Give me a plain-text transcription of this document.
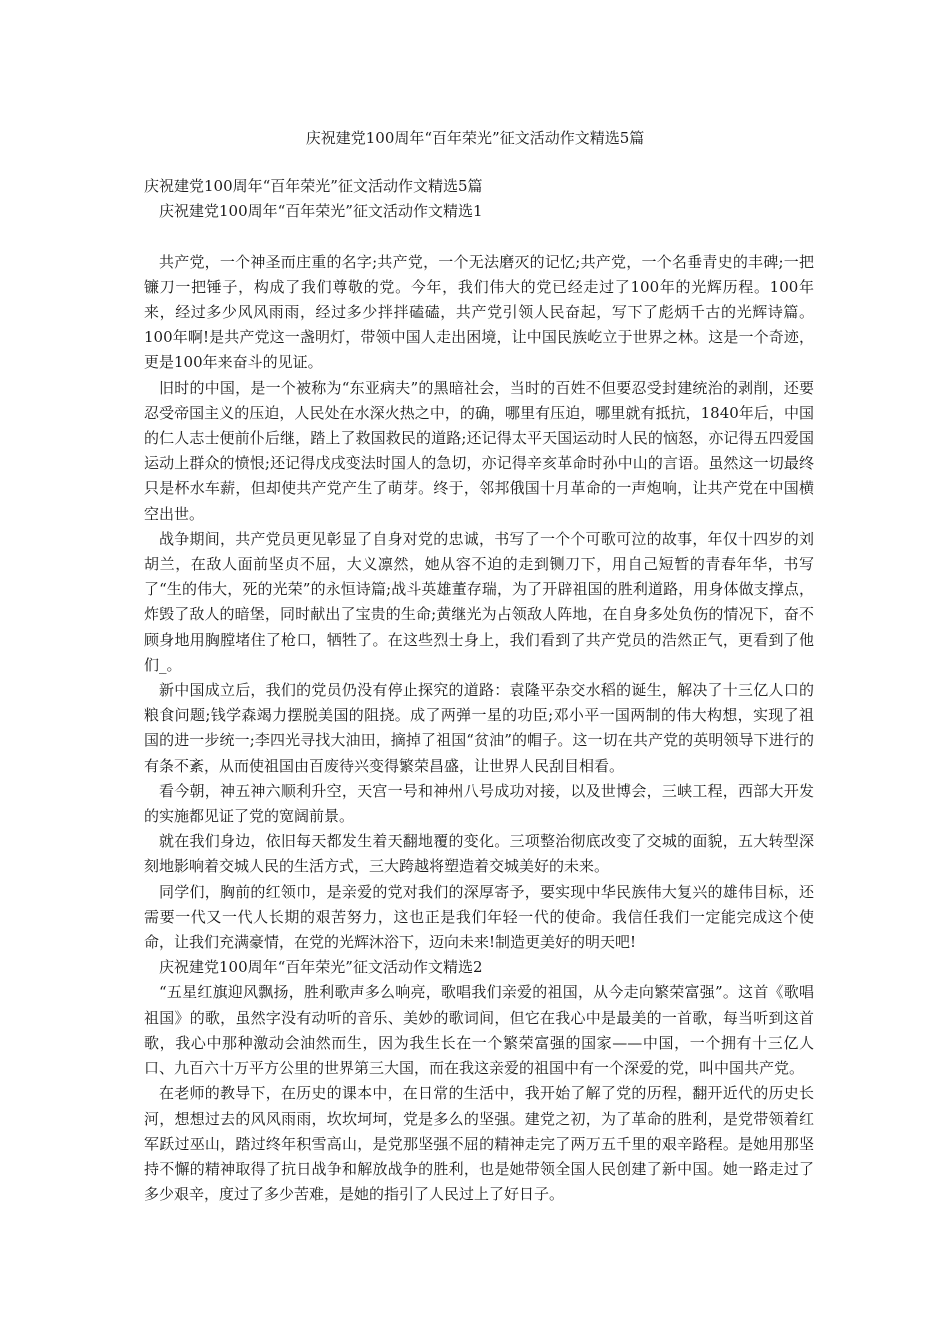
庆祝建党100周年“百年荣光”征文活动作文精选5篇

庆祝建党100周年“百年荣光”征文活动作文精选5篇

庆祝建党100周年“百年荣光”征文活动作文精选1

共产党，一个神圣而庄重的名字;共产党，一个无法磨灭的记忆;共产党，一个名垂青史的丰碑;一把镰刀一把锤子，构成了我们尊敬的党。今年，我们伟大的党已经走过了100年的光辉历程。100年来，经过多少风风雨雨，经过多少拌拌磕磕，共产党引领人民奋起，写下了彪炳千古的光辉诗篇。100年啊!是共产党这一盏明灯，带领中国人走出困境，让中国民族屹立于世界之林。这是一个奇迹，更是100年来奋斗的见证。

旧时的中国，是一个被称为“东亚病夫”的黑暗社会，当时的百姓不但要忍受封建统治的剥削，还要忍受帝国主义的压迫，人民处在水深火热之中，的确，哪里有压迫，哪里就有抵抗，1840年后，中国的仁人志士便前仆后继，踏上了救国救民的道路;还记得太平天国运动时人民的恼怒，亦记得五四爱国运动上群众的愤恨;还记得戊戌变法时国人的急切，亦记得辛亥革命时孙中山的言语。虽然这一切最终只是杯水车薪，但却使共产党产生了萌芽。终于，邻邦俄国十月革命的一声炮响，让共产党在中国横空出世。

战争期间，共产党员更见彰显了自身对党的忠诚，书写了一个个可歌可泣的故事，年仅十四岁的刘胡兰，在敌人面前坚贞不屈，大义凛然，她从容不迫的走到铡刀下，用自己短暂的青春年华，书写了“生的伟大，死的光荣”的永恒诗篇;战斗英雄董存瑞，为了开辟祖国的胜利道路，用身体做支撑点，炸毁了敌人的暗堡，同时献出了宝贵的生命;黄继光为占领敌人阵地，在自身多处负伤的情况下，奋不顾身地用胸膛堵住了枪口，牺牲了。在这些烈士身上，我们看到了共产党员的浩然正气，更看到了他们_。

新中国成立后，我们的党员仍没有停止探究的道路：袁隆平杂交水稻的诞生，解决了十三亿人口的粮食问题;钱学森竭力摆脱美国的阻挠。成了两弹一星的功臣;邓小平一国两制的伟大构想，实现了祖国的进一步统一;李四光寻找大油田，摘掉了祖国“贫油”的帽子。这一切在共产党的英明领导下进行的有条不紊，从而使祖国由百废待兴变得繁荣昌盛，让世界人民刮目相看。

看今朝，神五神六顺利升空，天宫一号和神州八号成功对接，以及世博会，三峡工程，西部大开发的实施都见证了党的宽阔前景。

就在我们身边，依旧每天都发生着天翻地覆的变化。三项整治彻底改变了交城的面貌，五大转型深刻地影响着交城人民的生活方式，三大跨越将塑造着交城美好的未来。

同学们，胸前的红领巾，是亲爱的党对我们的深厚寄予，要实现中华民族伟大复兴的雄伟目标，还需要一代又一代人长期的艰苦努力，这也正是我们年轻一代的使命。我信任我们一定能完成这个使命，让我们充满豪情，在党的光辉沐浴下，迈向未来!制造更美好的明天吧!

庆祝建党100周年“百年荣光”征文活动作文精选2

“五星红旗迎风飘扬，胜利歌声多么响亮，歌唱我们亲爱的祖国，从今走向繁荣富强”。这首《歌唱祖国》的歌，虽然字没有动听的音乐、美妙的歌词间，但它在我心中是最美的一首歌，每当听到这首歌，我心中那种激动会油然而生，因为我生长在一个繁荣富强的国家——中国，一个拥有十三亿人口、九百六十万平方公里的世界第三大国，而在我这亲爱的祖国中有一个深爱的党，叫中国共产党。

在老师的教导下，在历史的课本中，在日常的生活中，我开始了解了党的历程，翻开近代的历史长河，想想过去的风风雨雨，坎坎坷坷，党是多么的坚强。建党之初，为了革命的胜利，是党带领着红军跃过巫山，踏过终年积雪高山，是党那坚强不屈的精神走完了两万五千里的艰辛路程。是她用那坚持不懈的精神取得了抗日战争和解放战争的胜利，也是她带领全国人民创建了新中国。她一路走过了多少艰辛，度过了多少苦难，是她的指引了人民过上了好日子。
